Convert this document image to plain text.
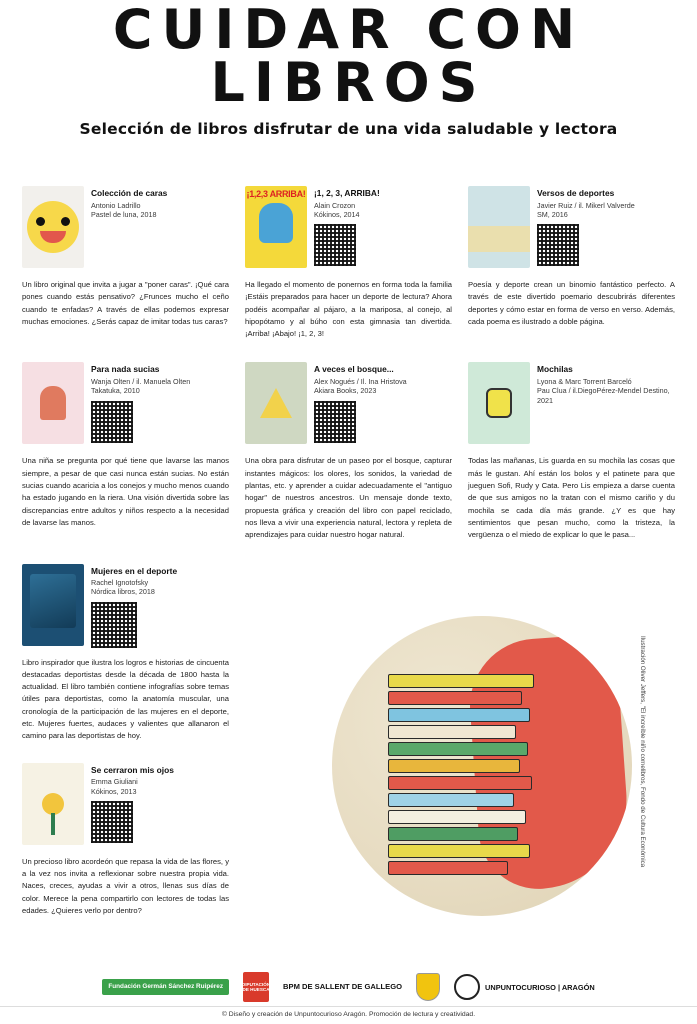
CUIDAR CON
LIBROS
Selección de libros disfrutar de una vida saludable y lectora
Colección de caras
Antonio Ladrillo
Pastel de luna, 2018
Un libro original que invita a jugar a "poner caras". ¡Qué cara pones cuando estás pensativo? ¿Frunces mucho el ceño cuando te enfadas? A través de ellas podemos expresar muchas emociones. ¿Serás capaz de imitar todas tus caras?
¡1,2,3 ARRIBA! ¡1, 2, 3, ARRIBA!
Alain Crozon
Kókinos, 2014
Ha llegado el momento de ponernos en forma toda la familia ¡Estáis preparados para hacer un deporte de lectura? Ahora podéis acompañar al pájaro, a la mariposa, al conejo, al hipopótamo y al búho con esta gimnasia tan divertida. ¡Arriba! ¡Abajo! ¡1, 2, 3!
Versos de deportes
Javier Ruiz / il. Mikerl Valverde
SM, 2016
Poesía y deporte crean un binomio fantástico perfecto. A través de este divertido poemario descubrirás diferentes deportes y cómo estar en forma de verso en verso. Además, cada poema es ilustrado a doble página.
Para nada sucias
Wanja Olten / il. Manuela Olten
Takatuka, 2010
Una niña se pregunta por qué tiene que lavarse las manos siempre, a pesar de que casi nunca están sucias. No están sucias cuando acaricia a los conejos y mucho menos cuando ha estado jugando en la riera. Una visión divertida sobre las discrepancias entre adultos y niños respecto a la necesidad de lavarse las manos.
A veces el bosque...
Alex Nogués / Il. Ina Hristova
Akiara Books, 2023
Una obra para disfrutar de un paseo por el bosque, capturar instantes mágicos: los olores, los sonidos, la variedad de plantas, etc. y aprender a cuidar adecuadamente el "antiguo hogar" de nuestros ancestros. Un mensaje donde texto, propuesta gráfica y creación del libro con papel reciclado, nos lleva a vivir una experiencia natural, lectora y repleta de aprendizajes para cuidar nuestro hogar natural.
Mochilas
Lyona & Marc Torrent Barceló
Pau Clua / il.DiegoPérez-Mendel Destino, 2021
Todas las mañanas, Lis guarda en su mochila las cosas que más le gustan. Ahí están los bolos y el patinete para que jueguen Sofi, Rudy y Cata. Pero Lis empieza a darse cuenta de que sus amigos no la tratan con el mismo cariño y du mochila se cada día más grande. ¿Y es que hay sentimientos que pesan mucho, como la tristeza, la vergüenza o el miedo de explicar lo que le pasa...
Mujeres en el deporte
Rachel Ignotofsky
Nórdica libros, 2018
Libro inspirador que ilustra los logros e historias de cincuenta destacadas deportistas desde la década de 1800 hasta la actualidad. El libro también contiene infografías sobre temas útiles para deportistas, como la anatomía muscular, una cronología de la participación de las mujeres en el deporte, etc. Mujeres fuertes, audaces y valientes que allanaron el camino para las deportistas de hoy.
Se cerraron mis ojos
Emma Giuliani
Kókinos, 2013
Un precioso libro acordeón que repasa la vida de las flores, y a la vez nos invita a reflexionar sobre nuestra propia vida. Naces, creces, ayudas a vivir a otros, llenas sus días de color. Merece la pena compartirlo con lectores de todas las edades. ¿Quieres verlo por dentro?
Ilustración Oliver Jeffers, "El increíble niño comelibros, Fondo de Cultura Económica
Fundación Germán Sánchez Ruipérez	DIPUTACIÓN DE HUESCA BPM DE SALLENT DE GALLEGO	UNPUNTOCURIOSO | ARAGÓN
© Diseño y creación de Unpuntocurioso Aragón. Promoción de lectura y creatividad.
